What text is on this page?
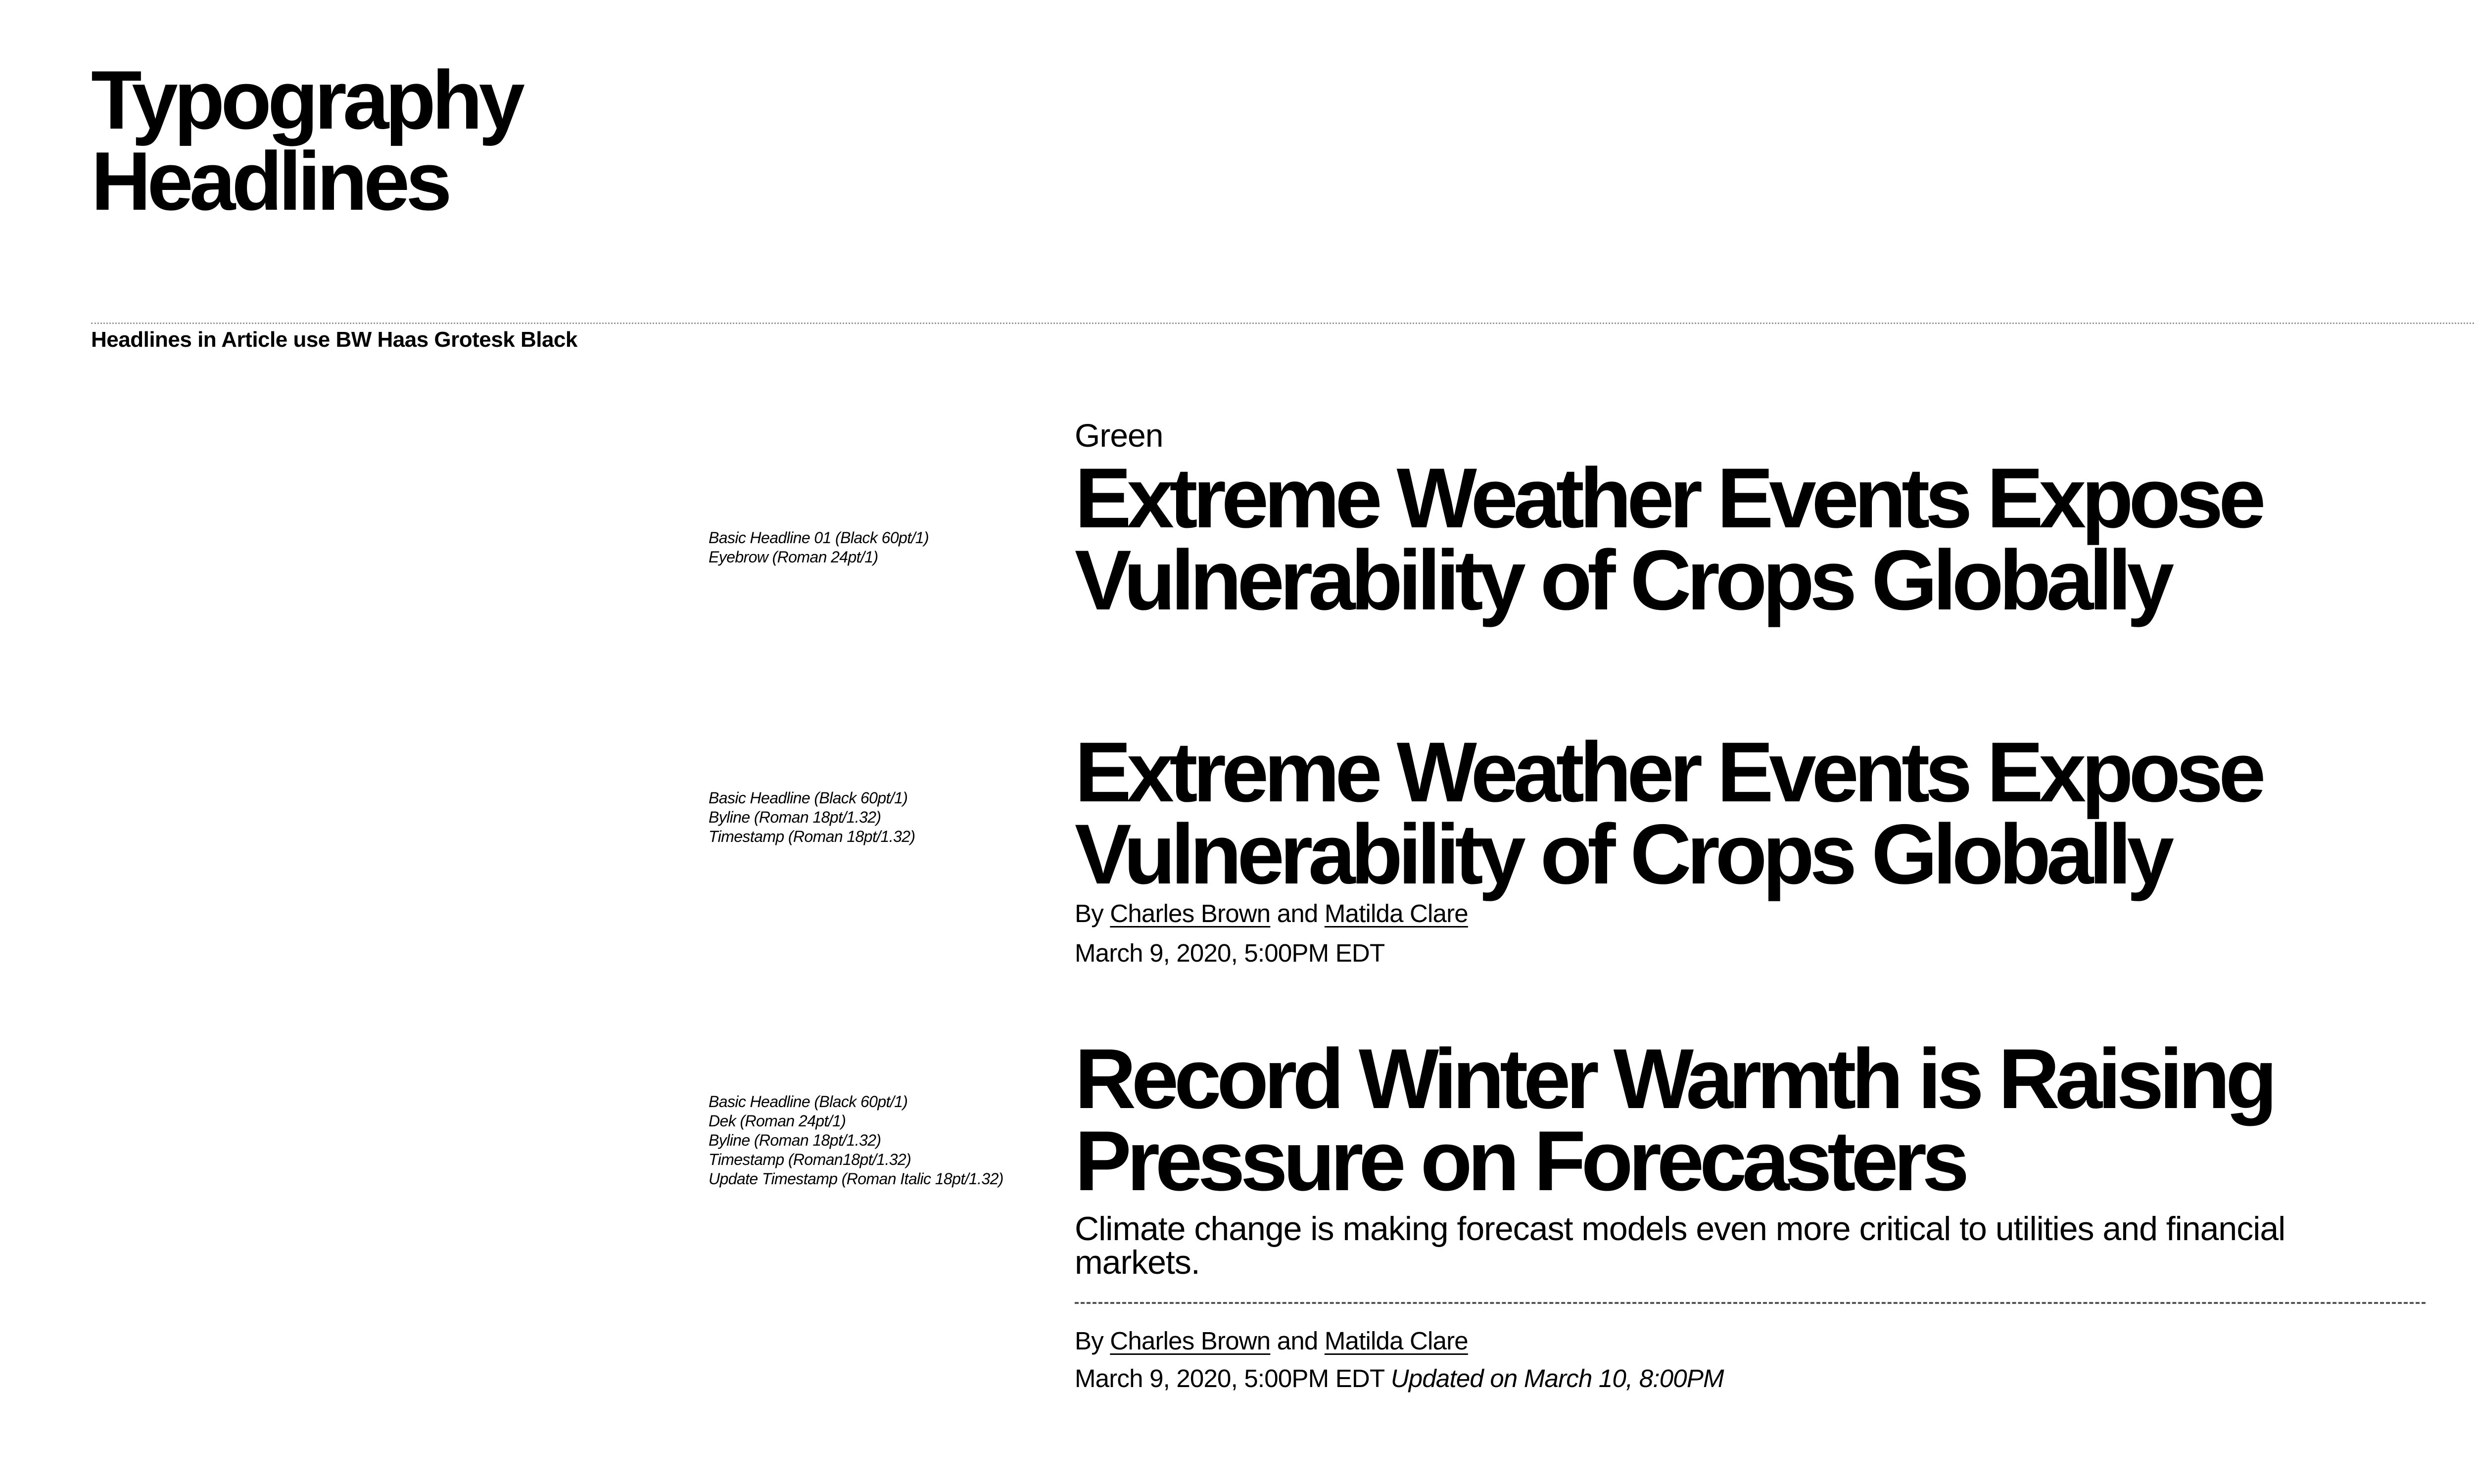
Typography
Headlines
Headlines in Article use BW Haas Grotesk Black
Basic Headline 01 (Black 60pt/1)
Eyebrow (Roman 24pt/1)
Green
Extreme Weather Events Expose
Vulnerability of Crops Globally
Basic Headline (Black 60pt/1)
Byline (Roman 18pt/1.32)
Timestamp (Roman 18pt/1.32)
Extreme Weather Events Expose
Vulnerability of Crops Globally
By Charles Brown and Matilda Clare
March 9, 2020, 5:00PM EDT
Basic Headline (Black 60pt/1)
Dek (Roman 24pt/1)
Byline (Roman 18pt/1.32)
Timestamp (Roman18pt/1.32)
Update Timestamp (Roman Italic 18pt/1.32)
Record Winter Warmth is Raising
Pressure on Forecasters
Climate change is making forecast models even more critical to utilities and financial markets.
By Charles Brown and Matilda Clare
March 9, 2020, 5:00PM EDT Updated on March 10, 8:00PM
